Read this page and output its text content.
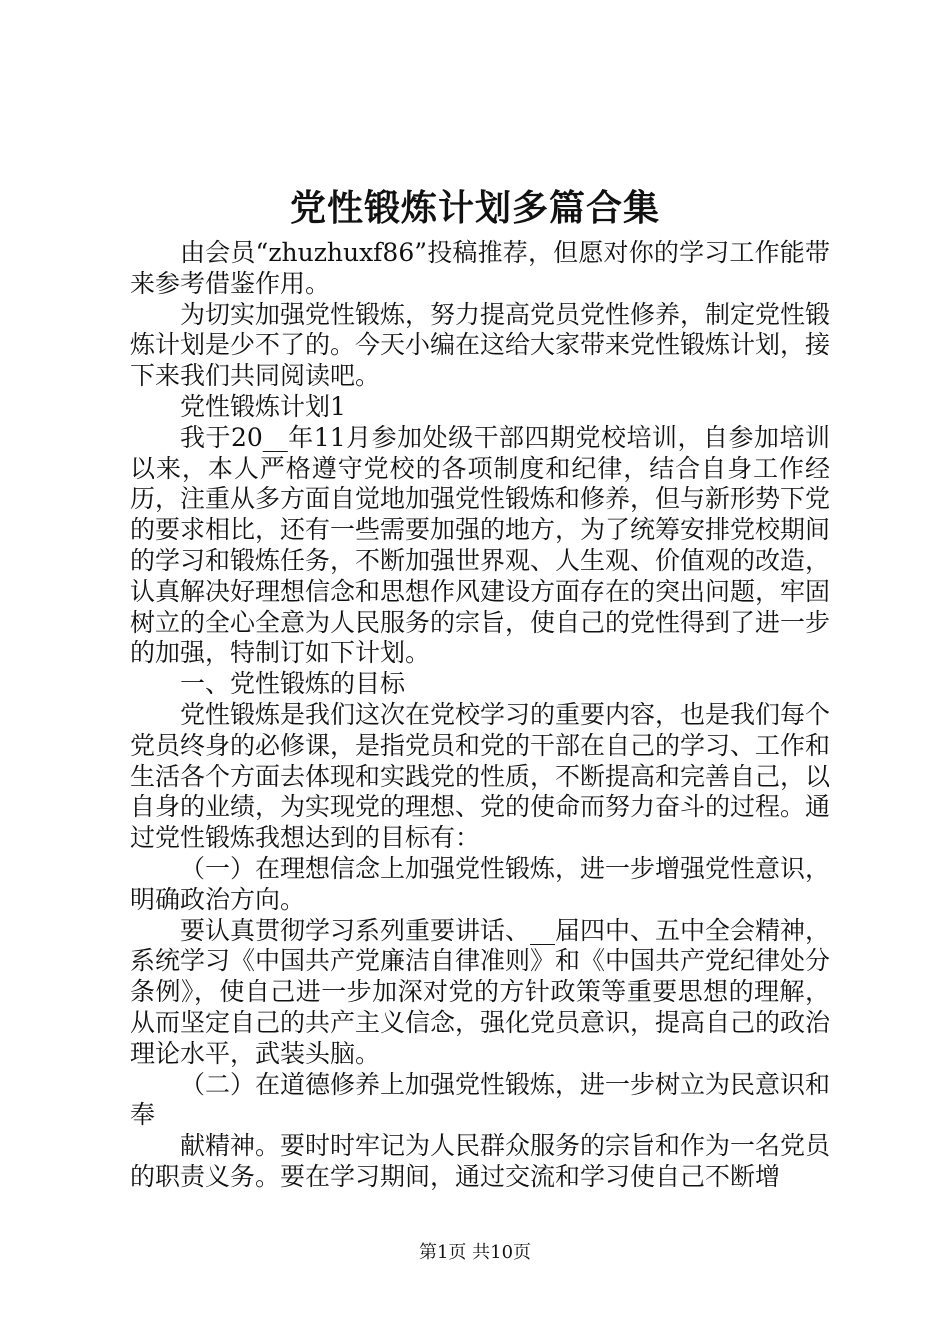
党性锻炼计划多篇合集

由会员“zhuzhuxf86”投稿推荐，但愿对你的学习工作能带来参考借鉴作用。

为切实加强党性锻炼，努力提高党员党性修养，制定党性锻炼计划是少不了的。今天小编在这给大家带来党性锻炼计划，接下来我们共同阅读吧。

党性锻炼计划1

我于20__年11月参加处级干部四期党校培训，自参加培训以来，本人严格遵守党校的各项制度和纪律，结合自身工作经历，注重从多方面自觉地加强党性锻炼和修养，但与新形势下党的要求相比，还有一些需要加强的地方，为了统筹安排党校期间的学习和锻炼任务，不断加强世界观、人生观、价值观的改造，认真解决好理想信念和思想作风建设方面存在的突出问题，牢固树立的全心全意为人民服务的宗旨，使自己的党性得到了进一步的加强，特制订如下计划。

一、党性锻炼的目标

党性锻炼是我们这次在党校学习的重要内容，也是我们每个党员终身的必修课，是指党员和党的干部在自己的学习、工作和生活各个方面去体现和实践党的性质，不断提高和完善自己，以自身的业绩，为实现党的理想、党的使命而努力奋斗的过程。通过党性锻炼我想达到的目标有：

（一）在理想信念上加强党性锻炼，进一步增强党性意识，明确政治方向。

要认真贯彻学习系列重要讲话、__届四中、五中全会精神，系统学习《中国共产党廉洁自律准则》和《中国共产党纪律处分条例》，使自己进一步加深对党的方针政策等重要思想的理解，从而坚定自己的共产主义信念，强化党员意识，提高自己的政治理论水平，武装头脑。

（二）在道德修养上加强党性锻炼，进一步树立为民意识和奉

献精神。要时时牢记为人民群众服务的宗旨和作为一名党员的职责义务。要在学习期间，通过交流和学习使自己不断增

第1页 共10页
